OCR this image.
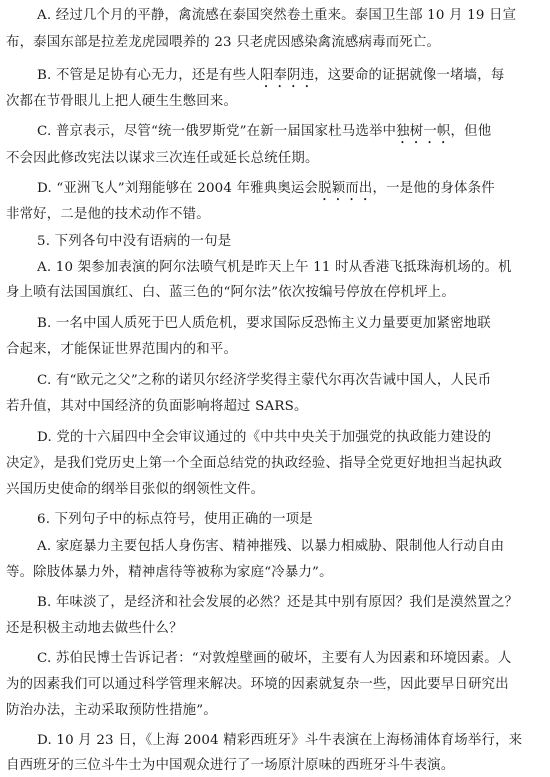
A. 经过几个月的平静，禽流感在泰国突然卷土重来。泰国卫生部 10 月 19 日宣
布，泰国东部是拉差龙虎园喂养的 23 只老虎因感染禽流感病毒而死亡。
B. 不管是足协有心无力，还是有些人阳奉阴违，这要命的证据就像一堵墙，每
次都在节骨眼儿上把人硬生生憋回来。
C. 普京表示，尽管“统一俄罗斯党”在新一届国家杜马选举中独树一帜，但他
不会因此修改宪法以谋求三次连任或延长总统任期。
D. “亚洲飞人”刘翔能够在 2004 年雅典奥运会脱颖而出，一是他的身体条件
非常好，二是他的技术动作不错。
5. 下列各句中没有语病的一句是
A. 10 架参加表演的阿尔法喷气机是昨天上午 11 时从香港飞抵珠海机场的。机
身上喷有法国国旗红、白、蓝三色的“阿尔法”依次按编号停放在停机坪上。
B. 一名中国人质死于巴人质危机，要求国际反恐怖主义力量要更加紧密地联
合起来，才能保证世界范围内的和平。
C. 有“欧元之父”之称的诺贝尔经济学奖得主蒙代尔再次告诫中国人，人民币
若升值，其对中国经济的负面影响将超过 SARS。
D. 党的十六届四中全会审议通过的《中共中央关于加强党的执政能力建设的
决定》，是我们党历史上第一个全面总结党的执政经验、指导全党更好地担当起执政
兴国历史使命的纲举目张似的纲领性文件。
6. 下列句子中的标点符号，使用正确的一项是
A. 家庭暴力主要包括人身伤害、精神摧残、以暴力相威胁、限制他人行动自由
等。除肢体暴力外，精神虐待等被称为家庭“冷暴力”。
B. 年味淡了，是经济和社会发展的必然？还是其中别有原因？我们是漠然置之？
还是积极主动地去做些什么？
C. 苏伯民博士告诉记者：“对敦煌壁画的破坏，主要有人为因素和环境因素。人
为的因素我们可以通过科学管理来解决。环境的因素就复杂一些，因此要早日研究出
防治办法，主动采取预防性措施”。
D. 10 月 23 日，《上海 2004 精彩西班牙》斗牛表演在上海杨浦体育场举行，来
自西班牙的三位斗牛士为中国观众进行了一场原汁原味的西班牙斗牛表演。
